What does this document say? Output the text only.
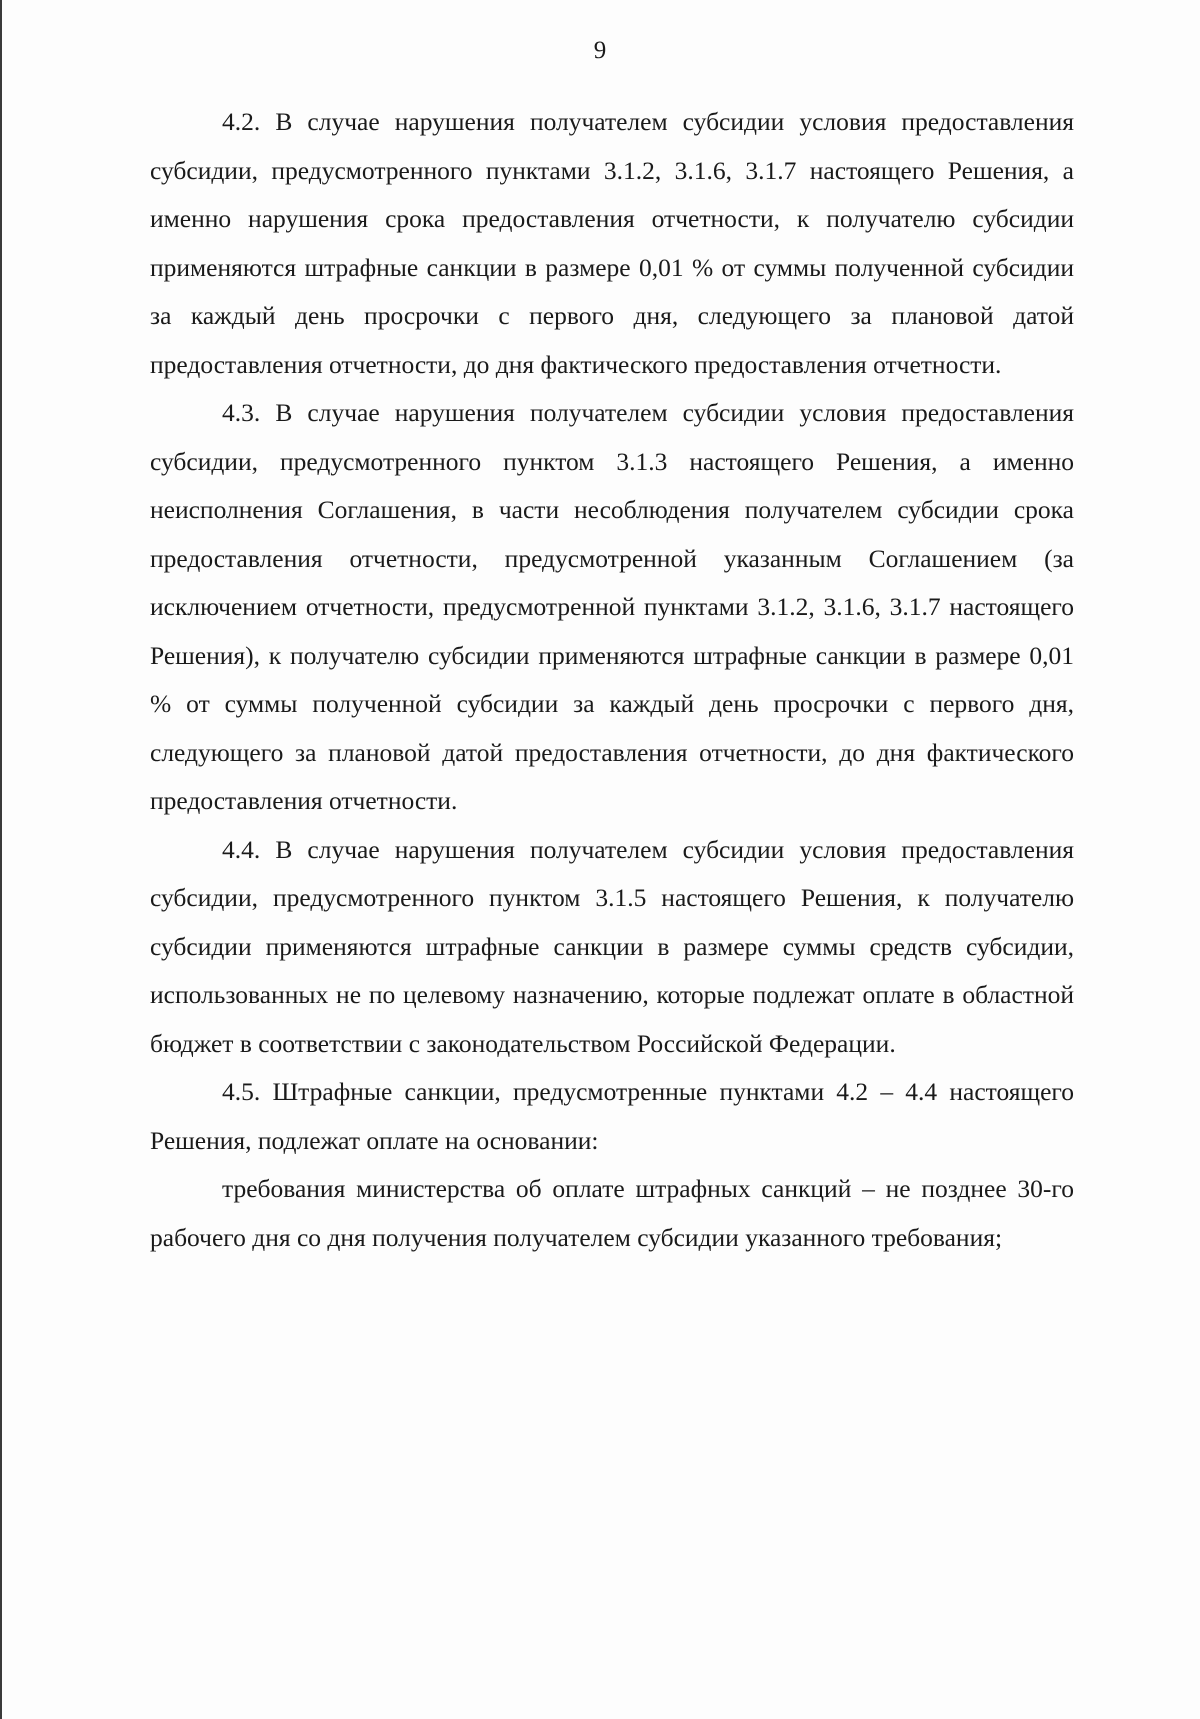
9

4.2. В случае нарушения получателем субсидии условия предоставления субсидии, предусмотренного пунктами 3.1.2, 3.1.6, 3.1.7 настоящего Решения, а именно нарушения срока предоставления отчетности, к получателю субсидии применяются штрафные санкции в размере 0,01 % от суммы полученной субсидии за каждый день просрочки с первого дня, следующего за плановой датой предоставления отчетности, до дня фактического предоставления отчетности.

4.3. В случае нарушения получателем субсидии условия предоставления субсидии, предусмотренного пунктом 3.1.3 настоящего Решения, а именно неисполнения Соглашения, в части несоблюдения получателем субсидии срока предоставления отчетности, предусмотренной указанным Соглашением (за исключением отчетности, предусмотренной пунктами 3.1.2, 3.1.6, 3.1.7 настоящего Решения), к получателю субсидии применяются штрафные санкции в размере 0,01 % от суммы полученной субсидии за каждый день просрочки с первого дня, следующего за плановой датой предоставления отчетности, до дня фактического предоставления отчетности.

4.4. В случае нарушения получателем субсидии условия предоставления субсидии, предусмотренного пунктом 3.1.5 настоящего Решения, к получателю субсидии применяются штрафные санкции в размере суммы средств субсидии, использованных не по целевому назначению, которые подлежат оплате в областной бюджет в соответствии с законодательством Российской Федерации.

4.5. Штрафные санкции, предусмотренные пунктами 4.2 – 4.4 настоящего Решения, подлежат оплате на основании:

требования министерства об оплате штрафных санкций – не позднее 30-го рабочего дня со дня получения получателем субсидии указанного требования;
